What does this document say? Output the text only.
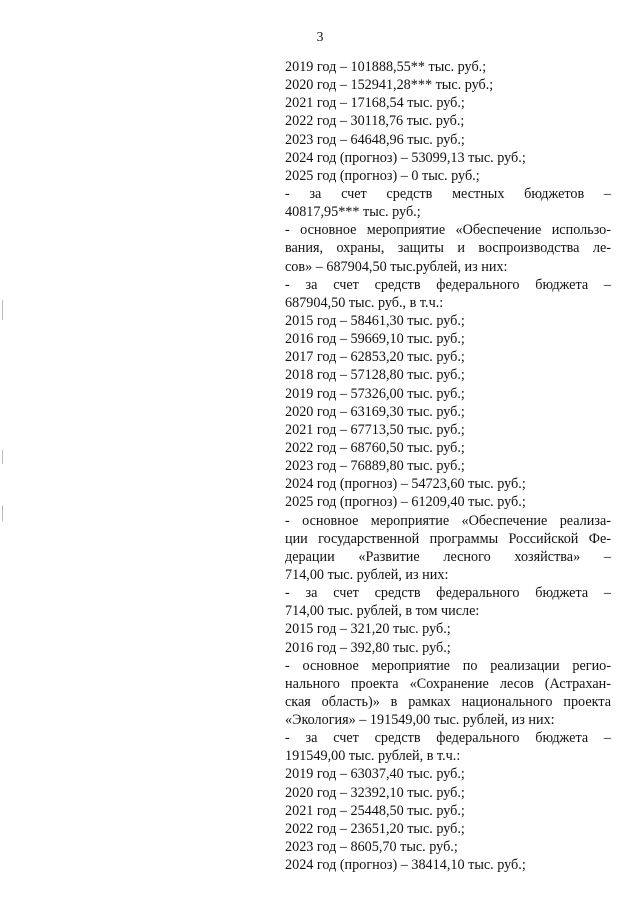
3
2019 год – 101888,55** тыс. руб.;
2020 год – 152941,28*** тыс. руб.;
2021 год – 17168,54 тыс. руб.;
2022 год – 30118,76 тыс. руб.;
2023 год – 64648,96 тыс. руб.;
2024 год (прогноз) – 53099,13 тыс. руб.;
2025 год (прогноз) – 0 тыс. руб.;
- за счет средств местных бюджетов –
40817,95*** тыс. руб.;
- основное мероприятие «Обеспечение использо-
вания, охраны, защиты и воспроизводства ле-
сов» – 687904,50 тыс.рублей, из них:
- за счет средств федерального бюджета –
687904,50 тыс. руб., в т.ч.:
2015 год – 58461,30 тыс. руб.;
2016 год – 59669,10 тыс. руб.;
2017 год – 62853,20 тыс. руб.;
2018 год – 57128,80 тыс. руб.;
2019 год – 57326,00 тыс. руб.;
2020 год – 63169,30 тыс. руб.;
2021 год – 67713,50 тыс. руб.;
2022 год – 68760,50 тыс. руб.;
2023 год – 76889,80 тыс. руб.;
2024 год (прогноз) – 54723,60 тыс. руб.;
2025 год (прогноз) – 61209,40 тыс. руб.;
- основное мероприятие «Обеспечение реализа-
ции государственной программы Российской Фе-
дерации «Развитие лесного хозяйства» –
714,00 тыс. рублей, из них:
- за счет средств федерального бюджета –
714,00 тыс. рублей, в том числе:
2015 год – 321,20 тыс. руб.;
2016 год – 392,80 тыс. руб.;
- основное мероприятие по реализации регио-
нального проекта «Сохранение лесов (Астрахан-
ская область)» в рамках национального проекта
«Экология» – 191549,00 тыс. рублей, из них:
- за счет средств федерального бюджета –
191549,00 тыс. рублей, в т.ч.:
2019 год – 63037,40 тыс. руб.;
2020 год – 32392,10 тыс. руб.;
2021 год – 25448,50 тыс. руб.;
2022 год – 23651,20 тыс. руб.;
2023 год – 8605,70 тыс. руб.;
2024 год (прогноз) – 38414,10 тыс. руб.;
